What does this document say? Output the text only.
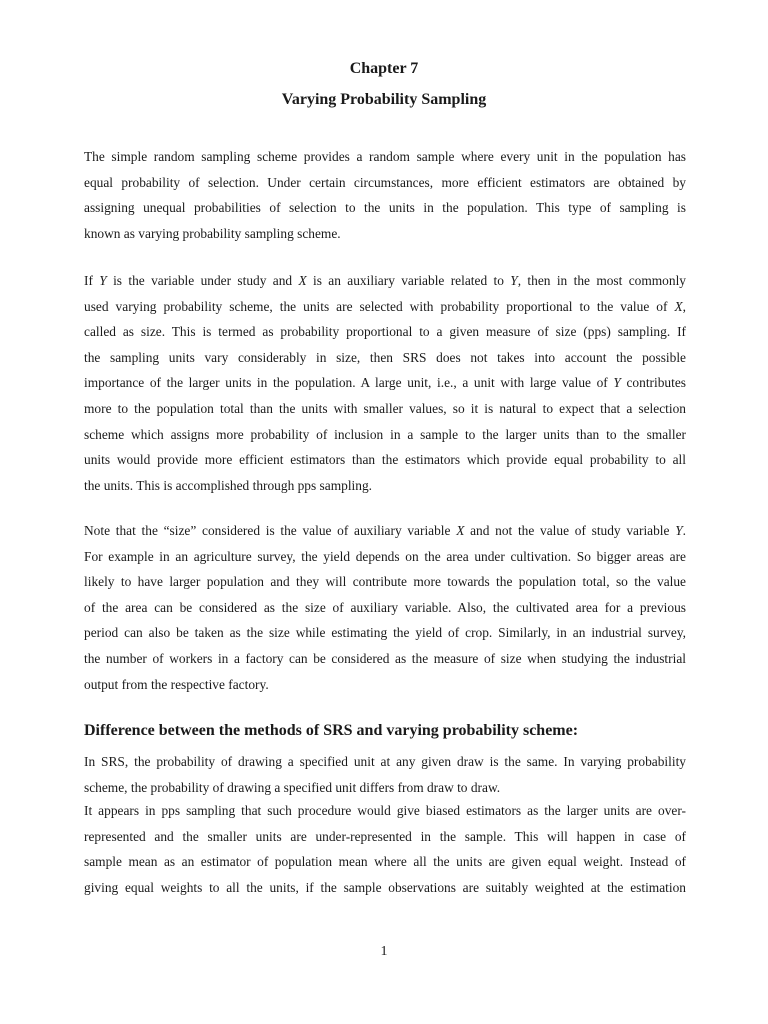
Chapter 7
Varying Probability Sampling
The simple random sampling scheme provides a random sample where every unit in the population has
equal probability of selection. Under certain circumstances, more efficient estimators are obtained by
assigning unequal probabilities of selection to the units in the population. This type of sampling is
known as varying probability sampling scheme.
If Y is the variable under study and X is an auxiliary variable related to Y, then in the most commonly
used varying probability scheme, the units are selected with probability proportional to the value of X,
called as size. This is termed as probability proportional to a given measure of size (pps) sampling. If
the sampling units vary considerably in size, then SRS does not takes into account the possible
importance of the larger units in the population. A large unit, i.e., a unit with large value of Y contributes
more to the population total than the units with smaller values, so it is natural to expect that a selection
scheme which assigns more probability of inclusion in a sample to the larger units than to the smaller
units would provide more efficient estimators than the estimators which provide equal probability to all
the units. This is accomplished through pps sampling.
Note that the “size” considered is the value of auxiliary variable X and not the value of study variable Y.
For example in an agriculture survey, the yield depends on the area under cultivation. So bigger areas are
likely to have larger population and they will contribute more towards the population total, so the value
of the area can be considered as the size of auxiliary variable. Also, the cultivated area for a previous
period can also be taken as the size while estimating the yield of crop. Similarly, in an industrial survey,
the number of workers in a factory can be considered as the measure of size when studying the industrial
output from the respective factory.
Difference between the methods of SRS and varying probability scheme:
In SRS, the probability of drawing a specified unit at any given draw is the same. In varying probability
scheme, the probability of drawing a specified unit differs from draw to draw.
It appears in pps sampling that such procedure would give biased estimators as the larger units are over-
represented and the smaller units are under-represented in the sample. This will happen in case of
sample mean as an estimator of population mean where all the units are given equal weight. Instead of
giving equal weights to all the units, if the sample observations are suitably weighted at the estimation
1
